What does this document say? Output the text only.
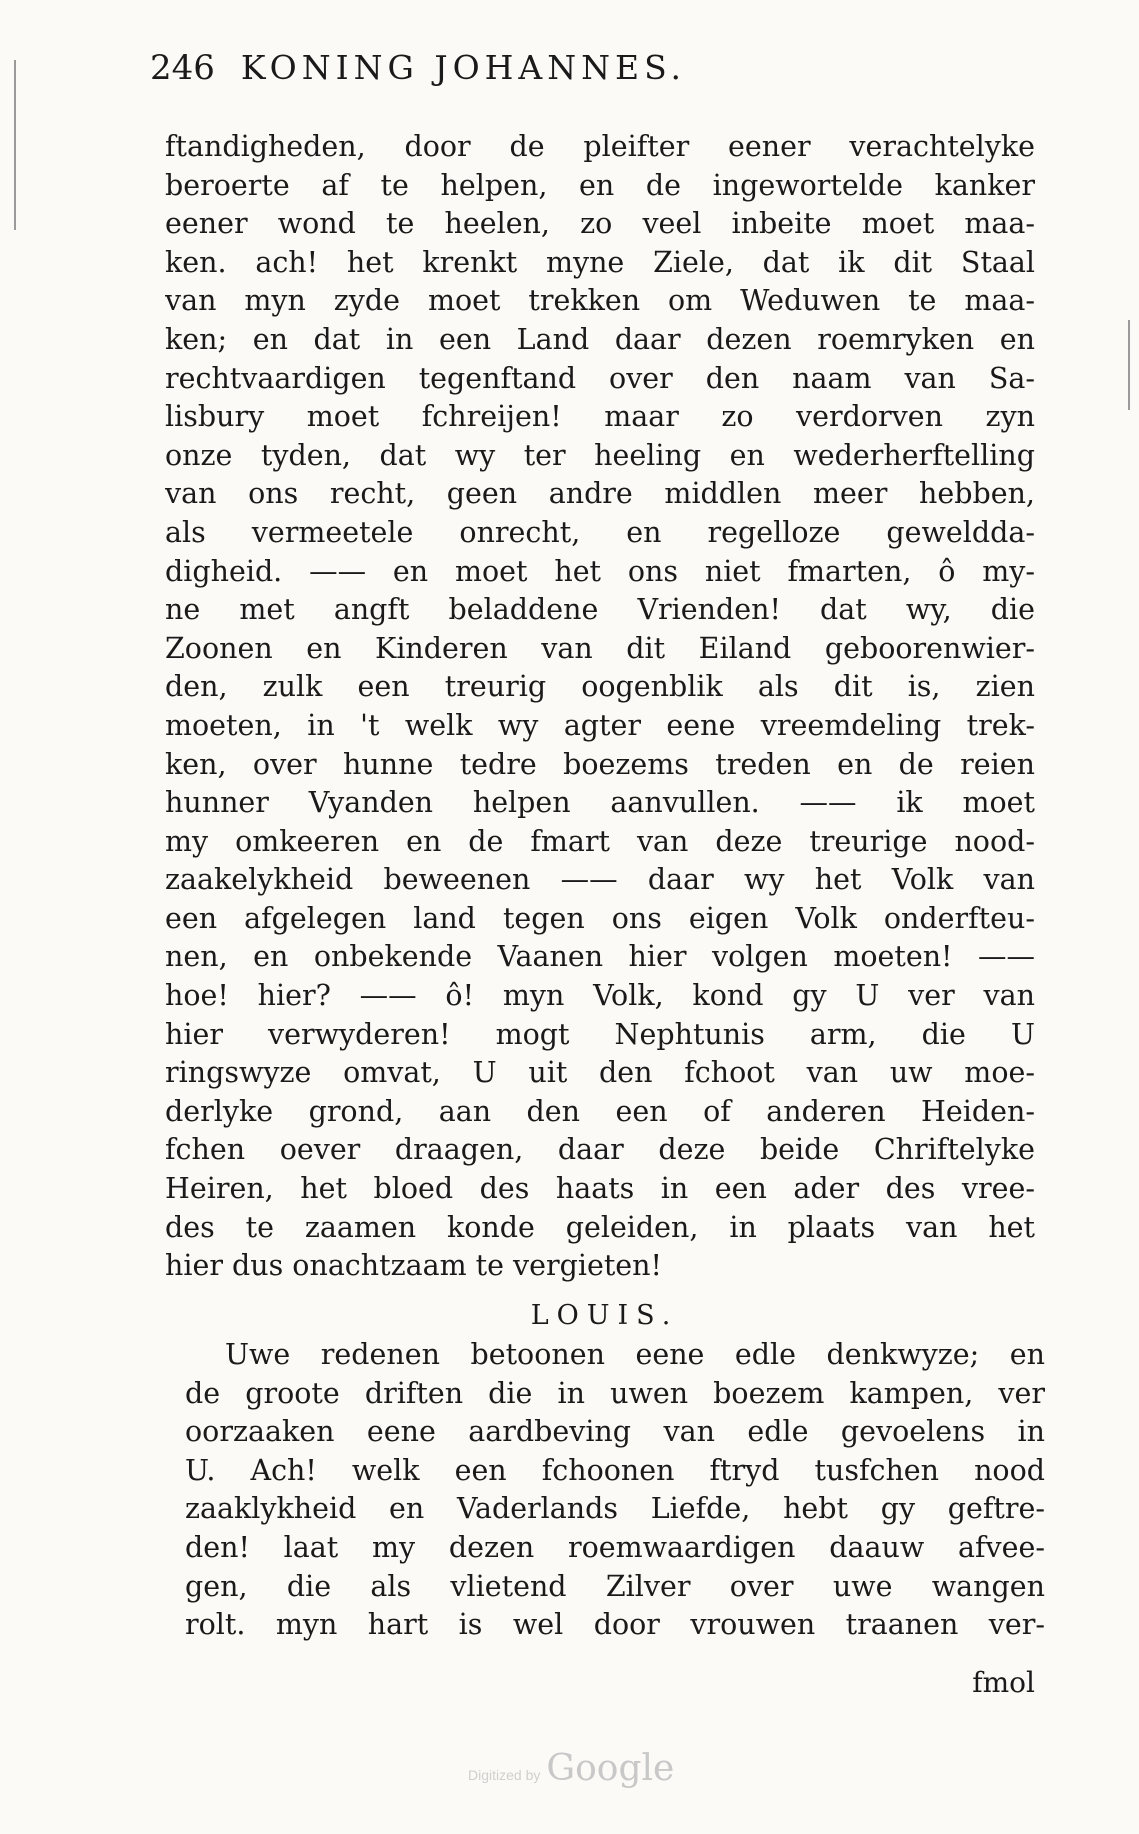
246 KONING JOHANNES.
ftandigheden, door de pleifter eener verachtelyke
beroerte af te helpen, en de ingewortelde kanker
eener wond te heelen, zo veel inbeite moet maa-
ken. ach! het krenkt myne Ziele, dat ik dit Staal
van myn zyde moet trekken om Weduwen te maa-
ken; en dat in een Land daar dezen roemryken en
rechtvaardigen tegenftand over den naam van Sa-
lisbury moet fchreijen! maar zo verdorven zyn
onze tyden, dat wy ter heeling en wederherftelling
van ons recht, geen andre middlen meer hebben,
als vermeetele onrecht, en regelloze gewelddа-
digheid. —— en moet het ons niet fmarten, ô my-
ne met angft beladdene Vrienden! dat wy, die
Zoonen en Kinderen van dit Eiland geboorenwier-
den, zulk een treurig oogenblik als dit is, zien
moeten, in 't welk wy agter eene vreemdeling trek-
ken, over hunne tedre boezems treden en de reien
hunner Vyanden helpen aanvullen. —— ik moet
my omkeeren en de fmart van deze treurige nood-
zaakelykheid beweenen —— daar wy het Volk van
een afgelegen land tegen ons eigen Volk onderfteu-
nen, en onbekende Vaanen hier volgen moeten! ——
hoe! hier? —— ô! myn Volk, kond gy U ver van
hier verwyderen! mogt Nephtunis arm, die U
ringswyze omvat, U uit den fchoot van uw moe-
derlyke grond, aan den een of anderen Heiden-
fchen oever draagen, daar deze beide Chriftelyke
Heiren, het bloed des haats in een ader des vree-
des te zaamen konde geleiden, in plaats van het
hier dus onachtzaam te vergieten!
LOUIS.
Uwe redenen betoonen eene edle denkwyze; en
de groote driften die in uwen boezem kampen, ver
oorzaaken eene aardbeving van edle gevoelens in
U. Ach! welk een fchoonen ftryd tusfchen nood
zaaklykheid en Vaderlands Liefde, hebt gy geftre-
den! laat my dezen roemwaardigen daauw afvee-
gen, die als vlietend Zilver over uwe wangen
rolt. myn hart is wel door vrouwen traanen ver-
fmol
Digitized by Google
